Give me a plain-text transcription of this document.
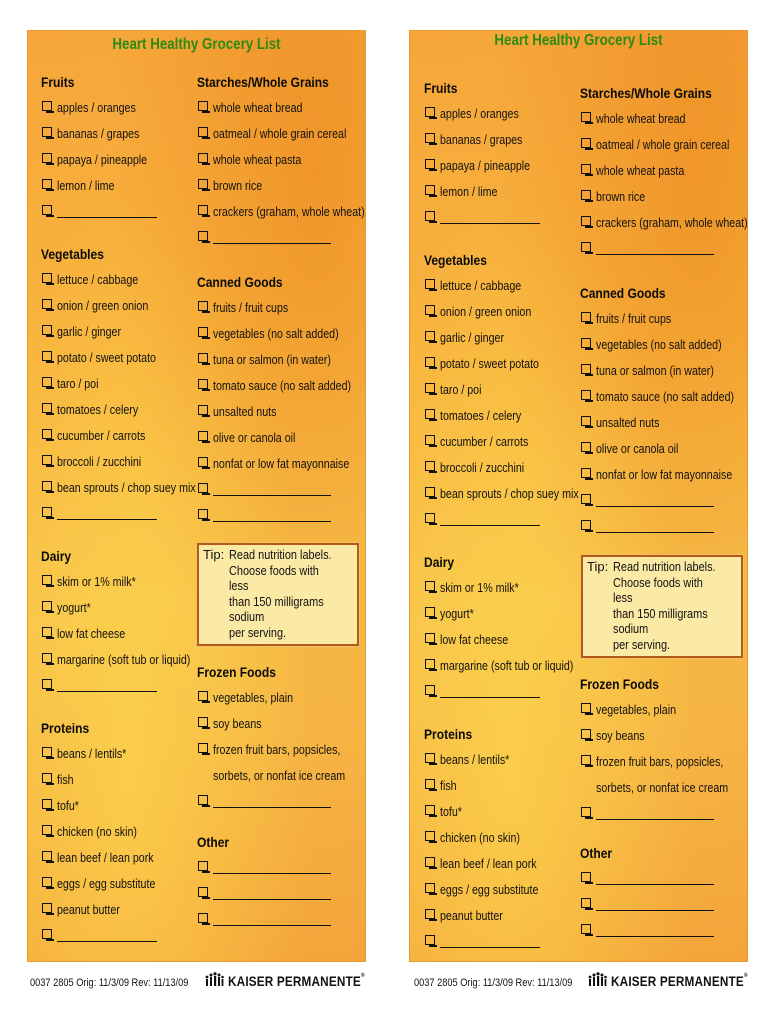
Heart Healthy Grocery List
Fruits
apples / oranges
bananas / grapes
papaya / pineapple
lemon / lime
Vegetables
lettuce / cabbage
onion / green onion
garlic / ginger
potato / sweet potato
taro / poi
tomatoes / celery
cucumber / carrots
broccoli / zucchini
bean sprouts / chop suey mix
Dairy
skim or 1% milk*
yogurt*
low fat cheese
margarine (soft tub or liquid)
Proteins
beans / lentils*
fish
tofu*
chicken (no skin)
lean beef / lean pork
eggs / egg substitute
peanut butter
Starches/Whole Grains
whole wheat bread
oatmeal / whole grain cereal
whole wheat pasta
brown rice
crackers (graham, whole wheat)
Canned Goods
fruits / fruit cups
vegetables (no salt added)
tuna or salmon (in water)
tomato sauce (no salt added)
unsalted nuts
olive or canola oil
nonfat or low fat mayonnaise
Frozen Foods
vegetables, plain
soy beans
frozen fruit bars, popsicles,
sorbets, or nonfat ice cream
Other
Tip: Read nutrition labels.
Choose foods with less
than 150 milligrams sodium
per serving.
Heart Healthy Grocery List
Fruits
apples / oranges
bananas / grapes
papaya / pineapple
lemon / lime
Vegetables
lettuce / cabbage
onion / green onion
garlic / ginger
potato / sweet potato
taro / poi
tomatoes / celery
cucumber / carrots
broccoli / zucchini
bean sprouts / chop suey mix
Dairy
skim or 1% milk*
yogurt*
low fat cheese
margarine (soft tub or liquid)
Proteins
beans / lentils*
fish
tofu*
chicken (no skin)
lean beef / lean pork
eggs / egg substitute
peanut butter
Starches/Whole Grains
whole wheat bread
oatmeal / whole grain cereal
whole wheat pasta
brown rice
crackers (graham, whole wheat)
Canned Goods
fruits / fruit cups
vegetables (no salt added)
tuna or salmon (in water)
tomato sauce (no salt added)
unsalted nuts
olive or canola oil
nonfat or low fat mayonnaise
Frozen Foods
vegetables, plain
soy beans
frozen fruit bars, popsicles,
sorbets, or nonfat ice cream
Other
Tip: Read nutrition labels.
Choose foods with less
than 150 milligrams sodium
per serving.
0037 2805 Orig: 11/3/09 Rev: 11/13/09	KAISER PERMANENTE®
0037 2805 Orig: 11/3/09 Rev: 11/13/09	KAISER PERMANENTE®
